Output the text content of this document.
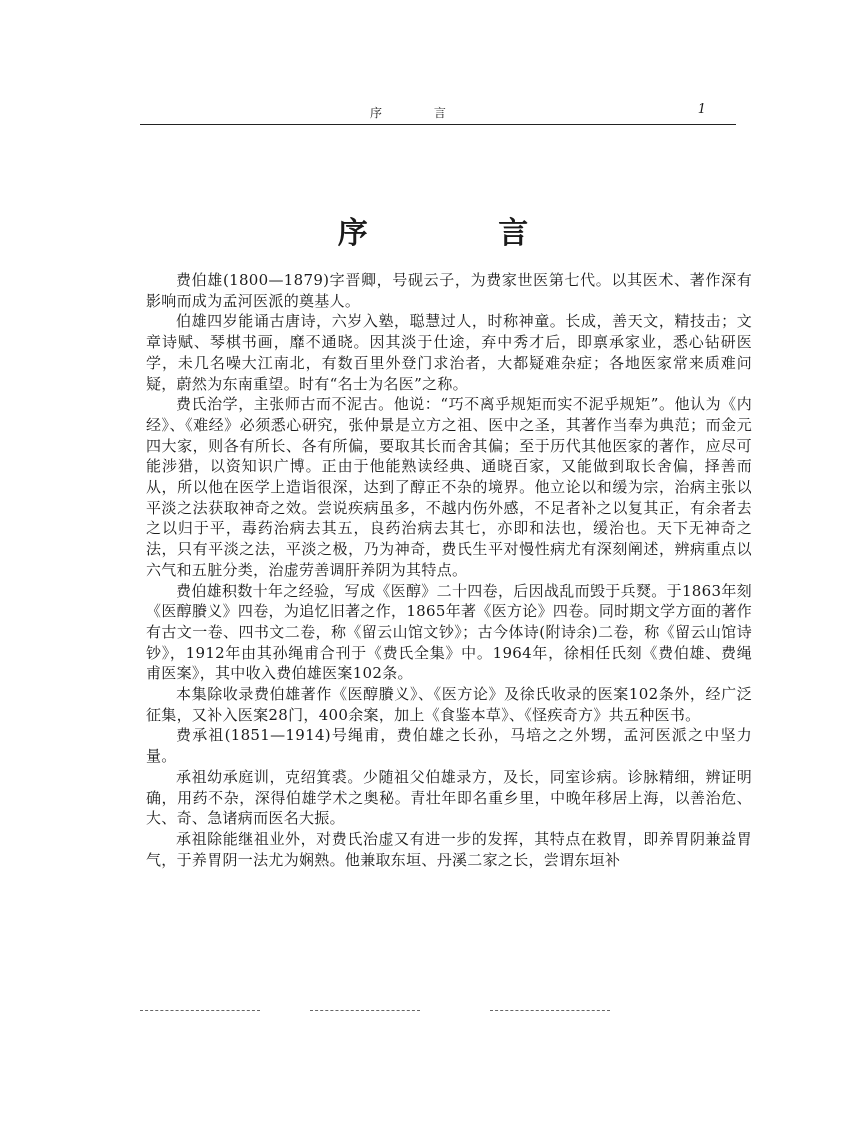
序 言	1
序 言

费伯雄(1800—1879)字晋卿，号砚云子，为费家世医第七代。以其医术、著作深有影响而成为孟河医派的奠基人。

伯雄四岁能诵古唐诗，六岁入塾，聪慧过人，时称神童。长成，善天文，精技击；文章诗赋、琴棋书画，靡不通晓。因其淡于仕途，弃中秀才后，即禀承家业，悉心钻研医学，未几名噪大江南北，有数百里外登门求治者，大都疑难杂症；各地医家常来质难问疑，蔚然为东南重望。时有“名士为名医”之称。

费氏治学，主张师古而不泥古。他说：“巧不离乎规矩而实不泥乎规矩”。他认为《内经》、《难经》必须悉心研究，张仲景是立方之祖、医中之圣，其著作当奉为典范；而金元四大家，则各有所长、各有所偏，要取其长而舍其偏；至于历代其他医家的著作，应尽可能涉猎，以资知识广博。正由于他能熟读经典、通晓百家，又能做到取长舍偏，择善而从，所以他在医学上造诣很深，达到了醇正不杂的境界。他立论以和缓为宗，治病主张以平淡之法获取神奇之效。尝说疾病虽多，不越内伤外感，不足者补之以复其正，有余者去之以归于平，毒药治病去其五，良药治病去其七，亦即和法也，缓治也。天下无神奇之法，只有平淡之法，平淡之极，乃为神奇，费氏生平对慢性病尤有深刻阐述，辨病重点以六气和五脏分类，治虚劳善调肝养阴为其特点。

费伯雄积数十年之经验，写成《医醇》二十四卷，后因战乱而毁于兵燹。于1863年刻《医醇賸义》四卷，为追忆旧著之作，1865年著《医方论》四卷。同时期文学方面的著作有古文一卷、四书文二卷，称《留云山馆文钞》；古今体诗(附诗余)二卷，称《留云山馆诗钞》，1912年由其孙绳甫合刊于《费氏全集》中。1964年，徐相任氏刻《费伯雄、费绳甫医案》，其中收入费伯雄医案102条。

本集除收录费伯雄著作《医醇賸义》、《医方论》及徐氏收录的医案102条外，经广泛征集，又补入医案28门，400余案，加上《食鉴本草》、《怪疾奇方》共五种医书。

费承祖(1851—1914)号绳甫，费伯雄之长孙，马培之之外甥，孟河医派之中坚力量。

承祖幼承庭训，克绍箕裘。少随祖父伯雄录方，及长，同室诊病。诊脉精细，辨证明确，用药不杂，深得伯雄学术之奥秘。青壮年即名重乡里，中晚年移居上海，以善治危、大、奇、急诸病而医名大振。

承祖除能继祖业外，对费氏治虚又有进一步的发挥，其特点在救胃，即养胃阴兼益胃气，于养胃阴一法尤为娴熟。他兼取东垣、丹溪二家之长，尝谓东垣补
